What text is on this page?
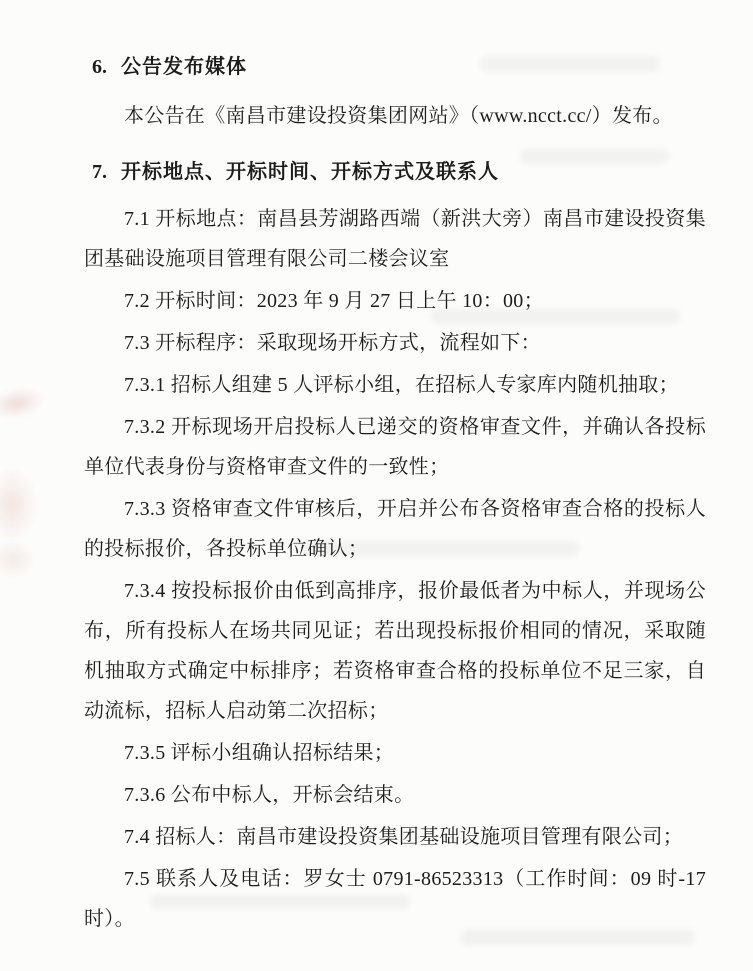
6. 公告发布媒体

本公告在《南昌市建设投资集团网站》（www.ncct.cc/）发布。

7. 开标地点、开标时间、开标方式及联系人

7.1 开标地点：南昌县芳湖路西端（新洪大旁）南昌市建设投资集团基础设施项目管理有限公司二楼会议室

7.2 开标时间：2023 年 9 月 27 日上午 10：00；

7.3 开标程序：采取现场开标方式，流程如下：

7.3.1 招标人组建 5 人评标小组，在招标人专家库内随机抽取；

7.3.2 开标现场开启投标人已递交的资格审查文件，并确认各投标单位代表身份与资格审查文件的一致性；

7.3.3 资格审查文件审核后，开启并公布各资格审查合格的投标人的投标报价，各投标单位确认；

7.3.4 按投标报价由低到高排序，报价最低者为中标人，并现场公布，所有投标人在场共同见证；若出现投标报价相同的情况，采取随机抽取方式确定中标排序；若资格审查合格的投标单位不足三家，自动流标，招标人启动第二次招标；

7.3.5 评标小组确认招标结果；

7.3.6 公布中标人，开标会结束。

7.4 招标人：南昌市建设投资集团基础设施项目管理有限公司；

7.5 联系人及电话：罗女士 0791-86523313（工作时间：09 时-17 时）。
